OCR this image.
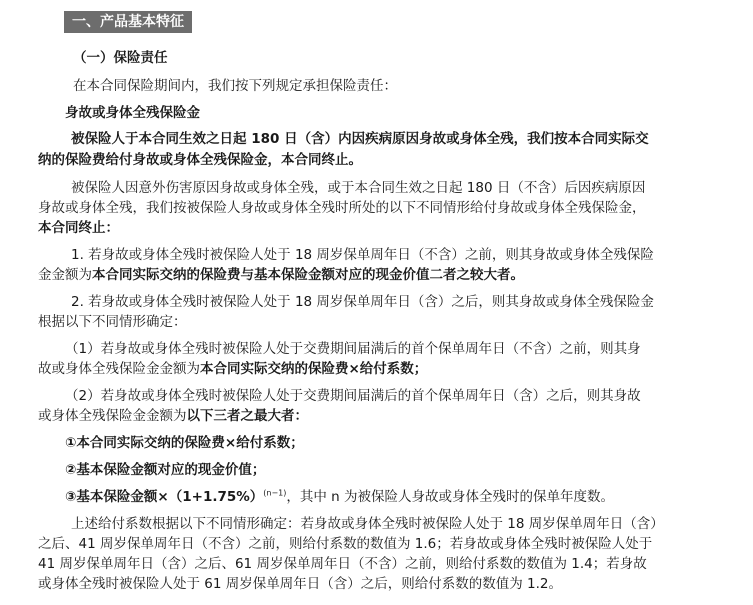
一、产品基本特征
（一）保险责任
在本合同保险期间内，我们按下列规定承担保险责任：
身故或身体全残保险金
被保险人于本合同生效之日起 180 日（含）内因疾病原因身故或身体全残，我们按本合同实际交
纳的保险费给付身故或身体全残保险金，本合同终止。
被保险人因意外伤害原因身故或身体全残，或于本合同生效之日起 180 日（不含）后因疾病原因
身故或身体全残，我们按被保险人身故或身体全残时所处的以下不同情形给付身故或身体全残保险金，
本合同终止：
1. 若身故或身体全残时被保险人处于 18 周岁保单周年日（不含）之前，则其身故或身体全残保险
金金额为本合同实际交纳的保险费与基本保险金额对应的现金价值二者之较大者。
2. 若身故或身体全残时被保险人处于 18 周岁保单周年日（含）之后，则其身故或身体全残保险金
根据以下不同情形确定：
（1）若身故或身体全残时被保险人处于交费期间届满后的首个保单周年日（不含）之前，则其身
故或身体全残保险金金额为本合同实际交纳的保险费×给付系数；
（2）若身故或身体全残时被保险人处于交费期间届满后的首个保单周年日（含）之后，则其身故
或身体全残保险金金额为以下三者之最大者：
①本合同实际交纳的保险费×给付系数；
②基本保险金额对应的现金价值；
③基本保险金额$\times(1+1.75\%)^{(n-1)}$，其中 n 为被保险人身故或身体全残时的保单年度数。
上述给付系数根据以下不同情形确定：若身故或身体全残时被保险人处于 18 周岁保单周年日（含）
之后、41 周岁保单周年日（不含）之前，则给付系数的数值为 1.6；若身故或身体全残时被保险人处于
41 周岁保单周年日（含）之后、61 周岁保单周年日（不含）之前，则给付系数的数值为 1.4；若身故
或身体全残时被保险人处于 61 周岁保单周年日（含）之后，则给付系数的数值为 1.2。
